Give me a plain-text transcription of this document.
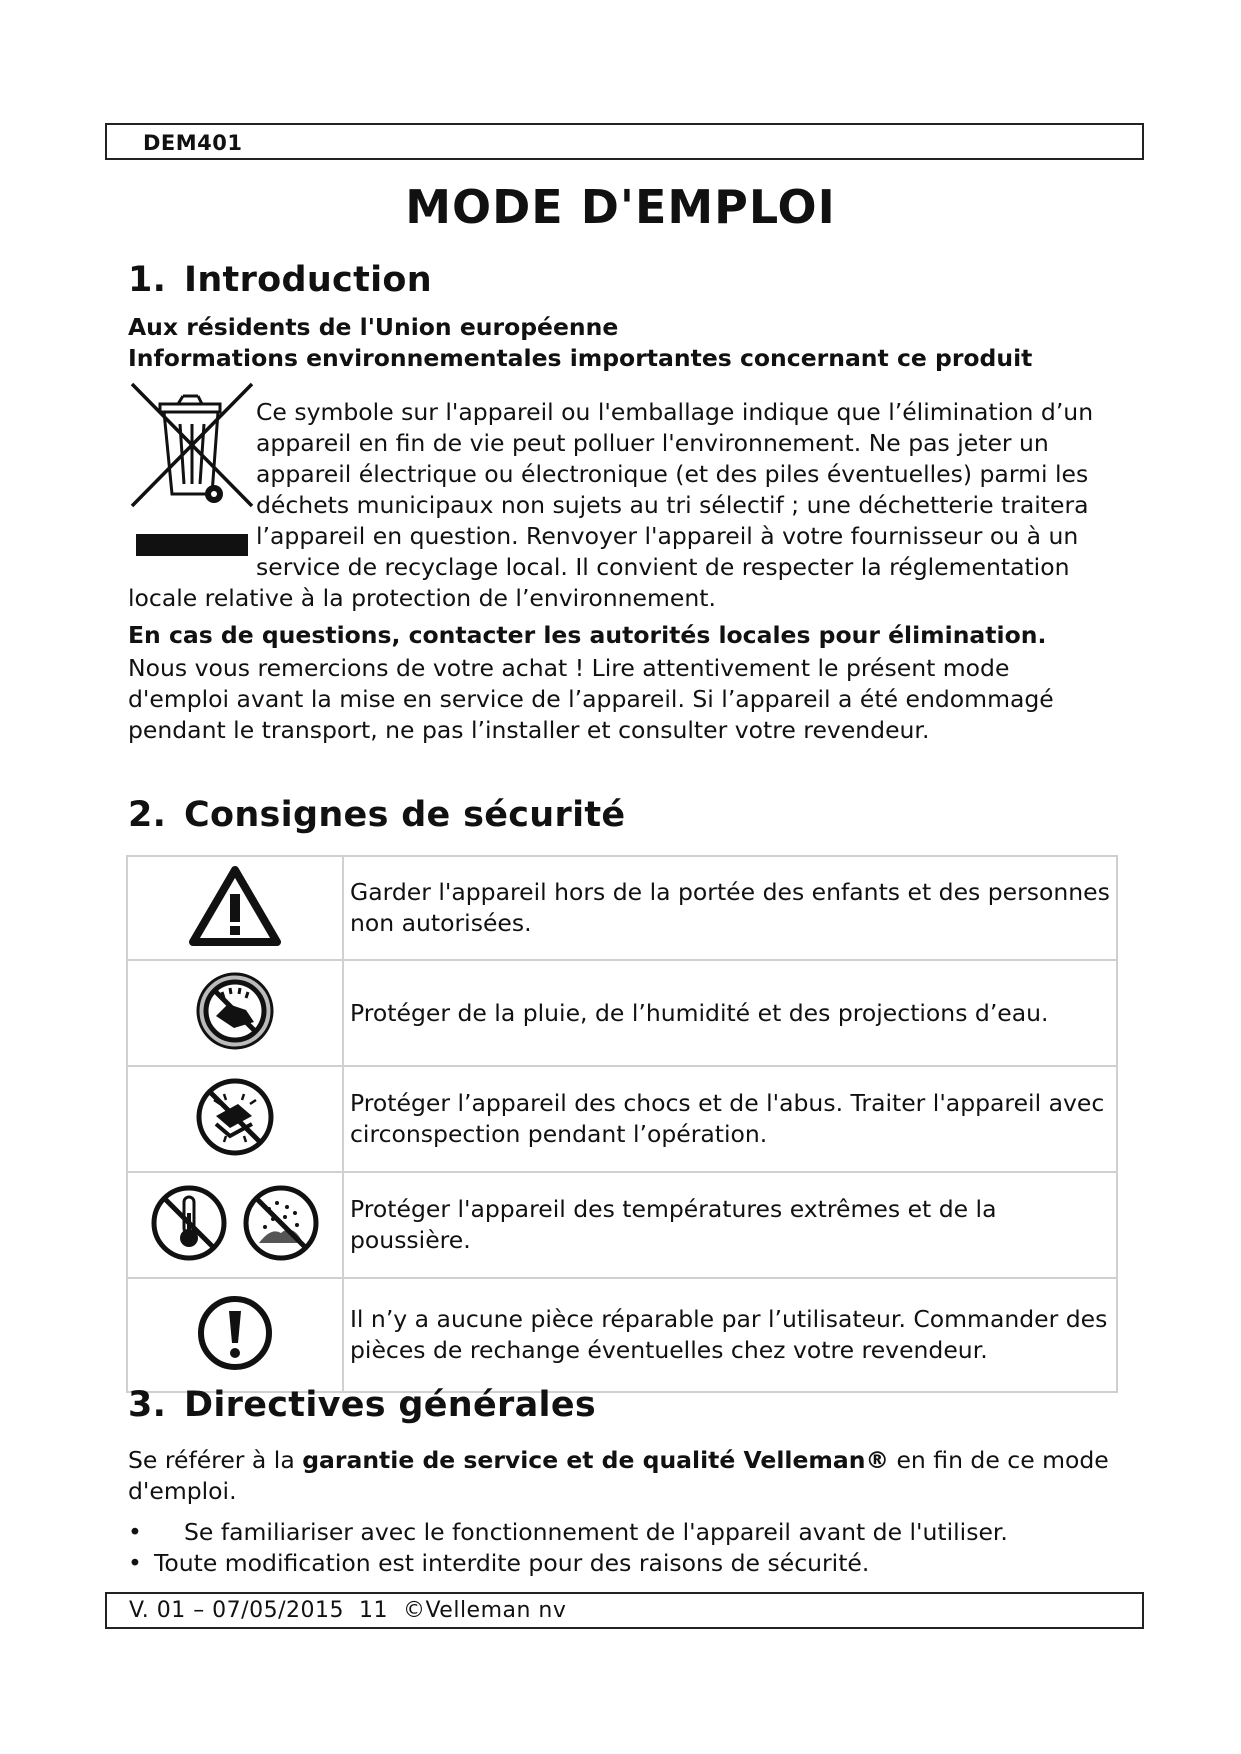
DEM401
MODE D'EMPLOI
1. Introduction
Aux résidents de l'Union européenne
Informations environnementales importantes concernant ce produit

Ce symbole sur l'appareil ou l'emballage indique que l’élimination d’un appareil en fin de vie peut polluer l'environnement. Ne pas jeter un appareil électrique ou électronique (et des piles éventuelles) parmi les déchets municipaux non sujets au tri sélectif ; une déchetterie traitera l’appareil en question. Renvoyer l'appareil à votre fournisseur ou à un service de recyclage local. Il convient de respecter la réglementation locale relative à la protection de l’environnement.

En cas de questions, contacter les autorités locales pour élimination.

Nous vous remercions de votre achat ! Lire attentivement le présent mode d'emploi avant la mise en service de l’appareil. Si l’appareil a été endommagé pendant le transport, ne pas l’installer et consulter votre revendeur.

2. Consignes de sécurité
	Garder l'appareil hors de la portée des enfants et des personnes non autorisées.
	Protéger de la pluie, de l’humidité et des projections d’eau.
	Protéger l’appareil des chocs et de l'abus. Traiter l'appareil avec circonspection pendant l’opération.
	Protéger l'appareil des températures extrêmes et de la poussière.
	Il n’y a aucune pièce réparable par l’utilisateur. Commander des pièces de rechange éventuelles chez votre revendeur.
3. Directives générales

Se référer à la garantie de service et de qualité Velleman® en fin de ce mode d'emploi.

• Se familiariser avec le fonctionnement de l'appareil avant de l'utiliser.
• Toute modification est interdite pour des raisons de sécurité.
V. 01 – 07/05/2015  11  ©Velleman nv
